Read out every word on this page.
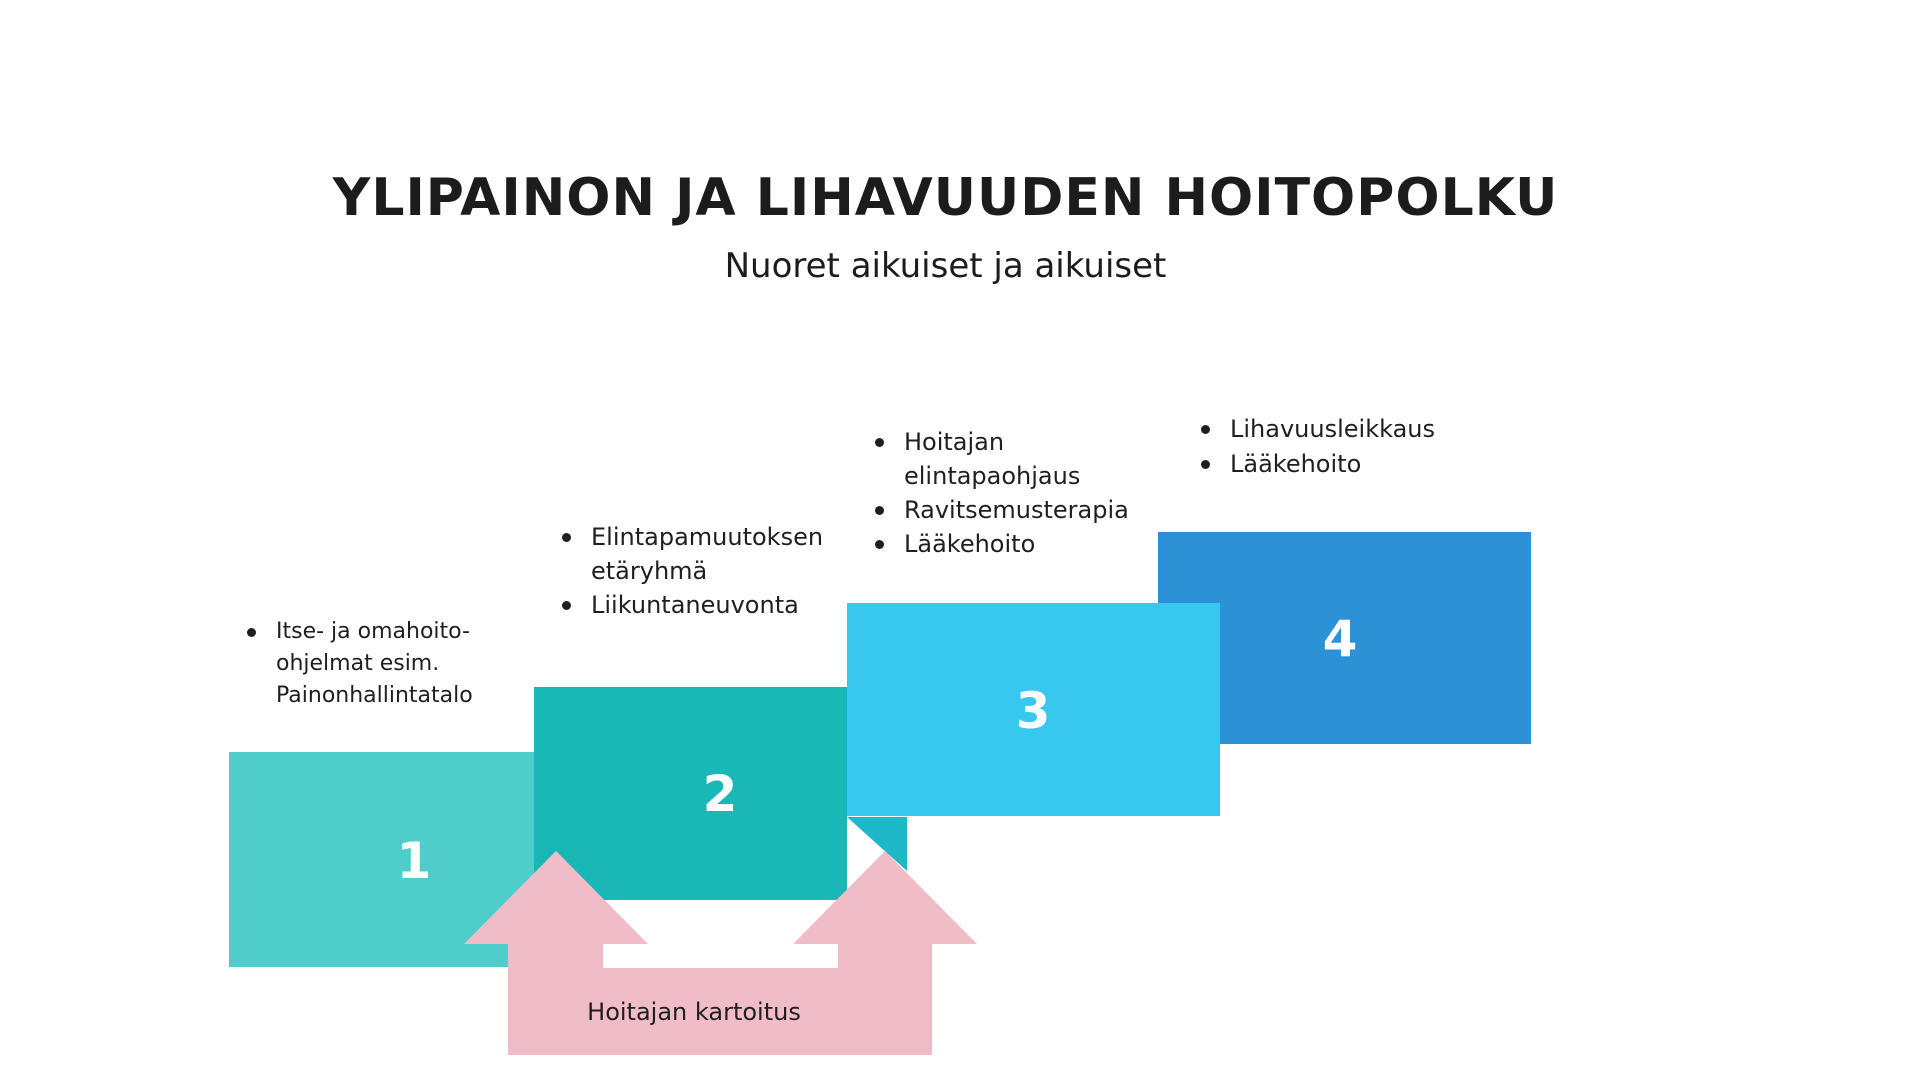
YLIPAINON JA LIHAVUUDEN HOITOPOLKU

Nuoret aikuiset ja aikuiset

4
3
2
1
Hoitajan kartoitus
Itse- ja omahoito-ohjelmat esim. Painonhallintatalo
Elintapamuutoksen etäryhmä
Liikuntaneuvonta
Hoitajan elintapaohjaus
Ravitsemusterapia
Lääkehoito
Lihavuusleikkaus
Lääkehoito
